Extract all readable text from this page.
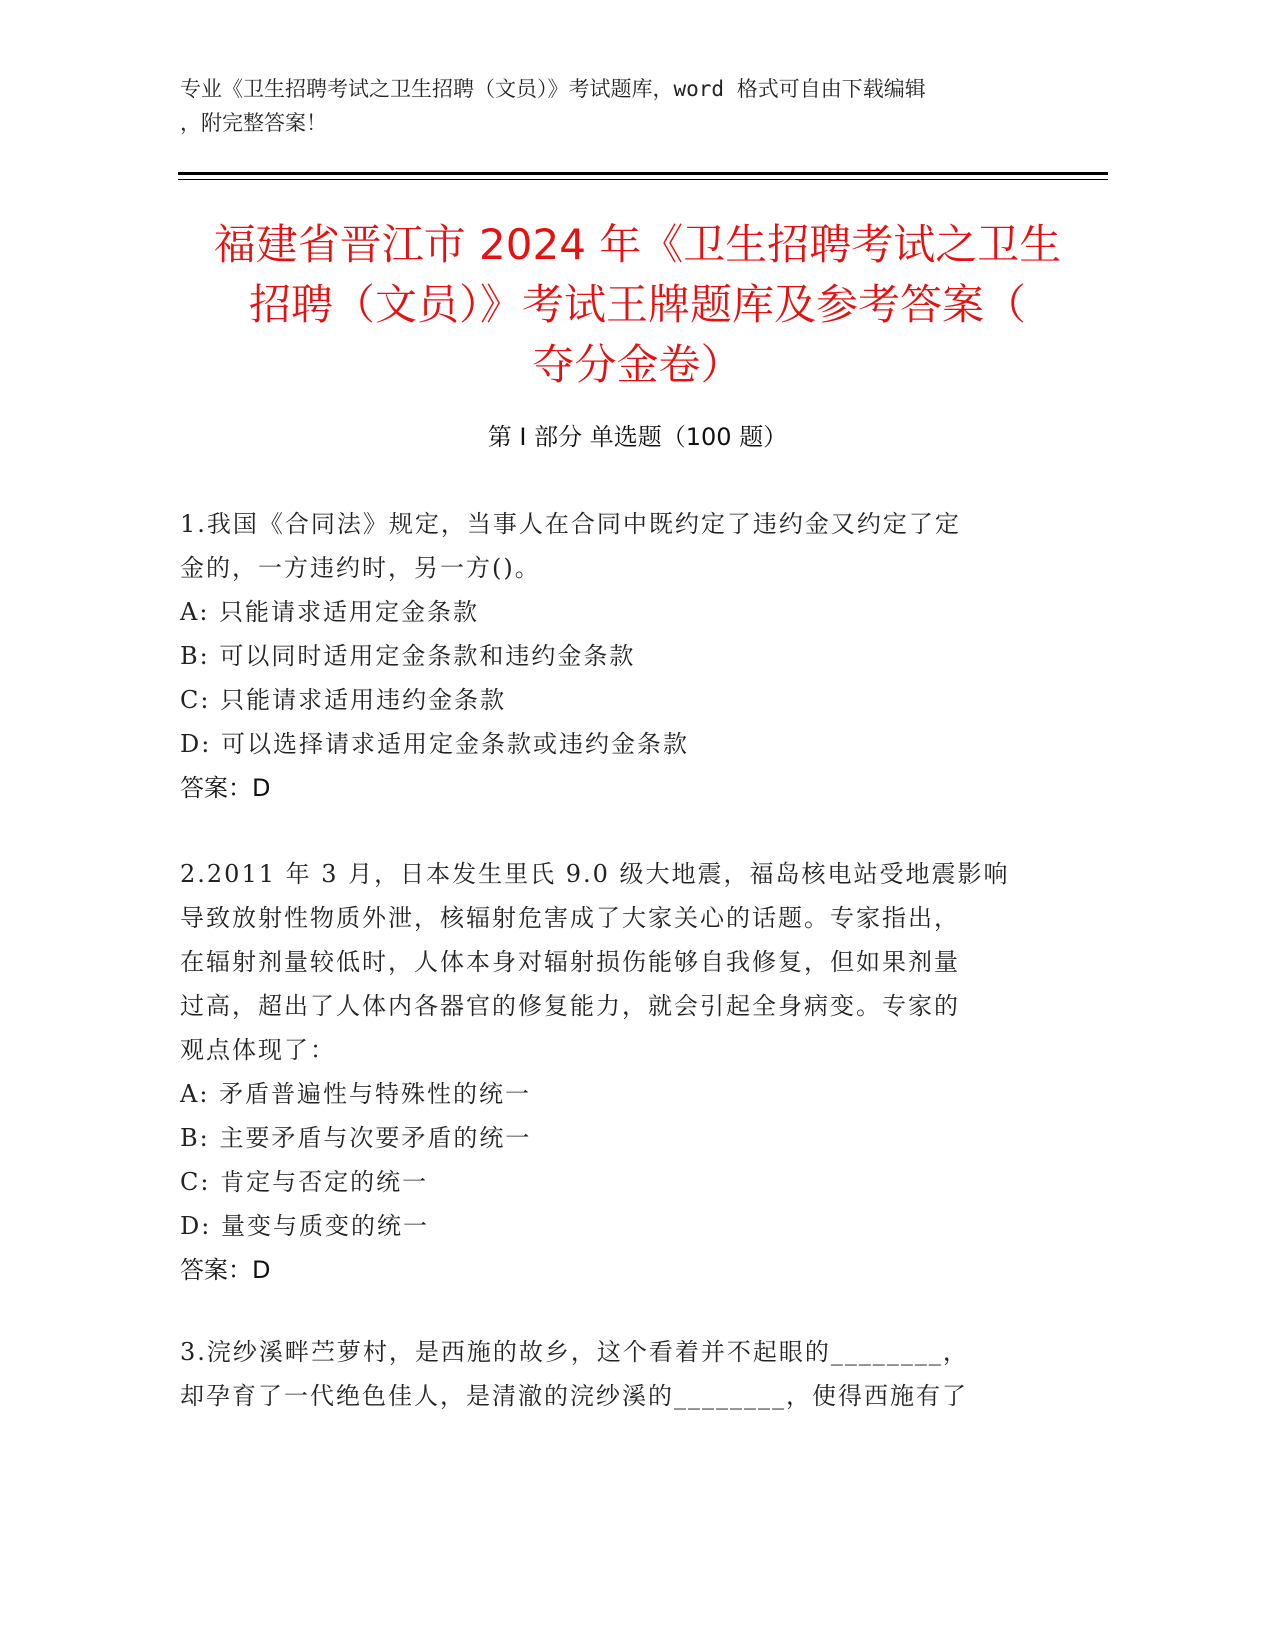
专业《卫生招聘考试之卫生招聘（文员）》考试题库，word 格式可自由下载编辑
，附完整答案！
福建省晋江市 2024 年《卫生招聘考试之卫生
招聘（文员）》考试王牌题库及参考答案（
夺分金卷）
第 I 部分 单选题（100 题）

1.我国《合同法》规定，当事人在合同中既约定了违约金又约定了定

金的，一方违约时，另一方()。

A: 只能请求适用定金条款

B: 可以同时适用定金条款和违约金条款

C: 只能请求适用违约金条款

D: 可以选择请求适用定金条款或违约金条款

答案：D

2.2011 年 3 月，日本发生里氏 9.0 级大地震，福岛核电站受地震影响

导致放射性物质外泄，核辐射危害成了大家关心的话题。专家指出，

在辐射剂量较低时，人体本身对辐射损伤能够自我修复，但如果剂量

过高，超出了人体内各器官的修复能力，就会引起全身病变。专家的

观点体现了：

A: 矛盾普遍性与特殊性的统一

B: 主要矛盾与次要矛盾的统一

C: 肯定与否定的统一

D: 量变与质变的统一

答案：D

3.浣纱溪畔苎萝村，是西施的故乡，这个看着并不起眼的________，

却孕育了一代绝色佳人，是清澈的浣纱溪的________，使得西施有了
